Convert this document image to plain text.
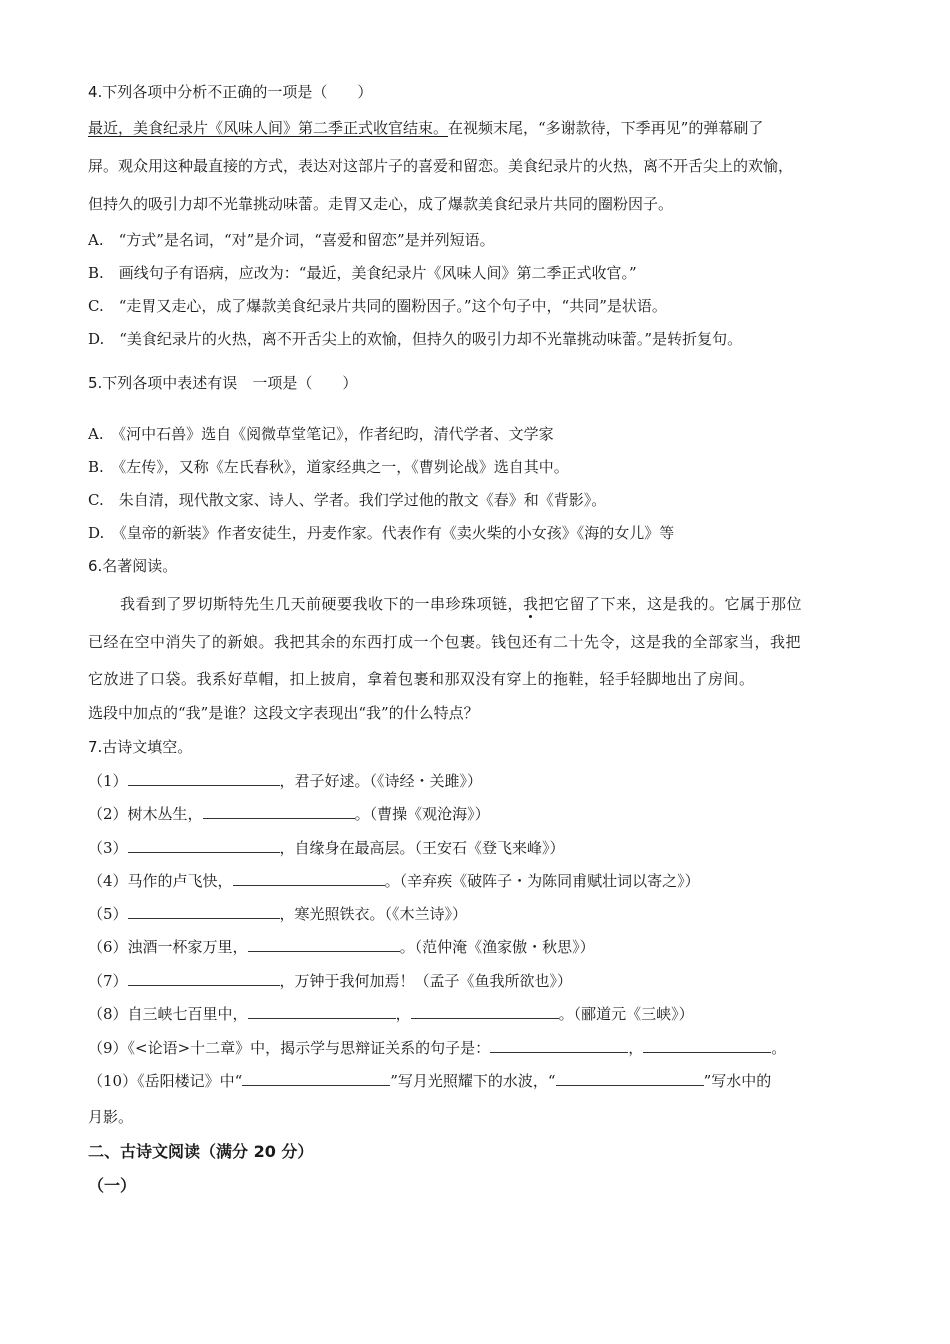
4.下列各项中分析不正确的一项是（　　）
最近，美食纪录片《风味人间》第二季正式收官结束。在视频末尾，“多谢款待，下季再见”的弹幕刷了
屏。观众用这种最直接的方式，表达对这部片子的喜爱和留恋。美食纪录片的火热，离不开舌尖上的欢愉，
但持久的吸引力却不光靠挑动味蕾。走胃又走心，成了爆款美食纪录片共同的圈粉因子。
A.　“方式”是名词，“对”是介词，“喜爱和留恋”是并列短语。
B.　画线句子有语病，应改为：“最近，美食纪录片《风味人间》第二季正式收官。”
C.　“走胃又走心，成了爆款美食纪录片共同的圈粉因子。”这个句子中，“共同”是状语。
D.　“美食纪录片的火热，离不开舌尖上的欢愉，但持久的吸引力却不光靠挑动味蕾。”是转折复句。
5.下列各项中表述有误　一项是（　　）
A.　《河中石兽》选自《阅微草堂笔记》，作者纪昀，清代学者、文学家
B.　《左传》，又称《左氏春秋》，道家经典之一，《曹刿论战》选自其中。
C.　朱自清，现代散文家、诗人、学者。我们学过他的散文《春》和《背影》。
D.　《皇帝的新装》作者安徒生，丹麦作家。代表作有《卖火柴的小女孩》《海的女儿》等
6.名著阅读。
我看到了罗切斯特先生几天前硬要我收下的一串珍珠项链，我把它留了下来，这是我的。它属于那位
已经在空中消失了的新娘。我把其余的东西打成一个包裹。钱包还有二十先令，这是我的全部家当，我把
它放进了口袋。我系好草帽，扣上披肩，拿着包裹和那双没有穿上的拖鞋，轻手轻脚地出了房间。
选段中加点的“我”是谁？这段文字表现出“我”的什么特点？
7.古诗文填空。
（1）	，君子好逑。（《诗经・关雎》）
（2）树木丛生，	。（曹操《观沧海》）
（3）	，自缘身在最高层。（王安石《登飞来峰》）
（4）马作的卢飞快，	。（辛弃疾《破阵子・为陈同甫赋壮词以寄之》）
（5）	，寒光照铁衣。（《木兰诗》）
（6）浊酒一杯家万里，	。（范仲淹《渔家傲・秋思》）
（7）	，万钟于我何加焉！（孟子《鱼我所欲也》）
（8）自三峡七百里中，	，	。（郦道元《三峡》）
（9）《<论语>十二章》中，揭示学与思辩证关系的句子是：	，	。
（10）《岳阳楼记》中“	”写月光照耀下的水波，“	”写水中的
月影。
二、古诗文阅读（满分 20 分）
（一）
